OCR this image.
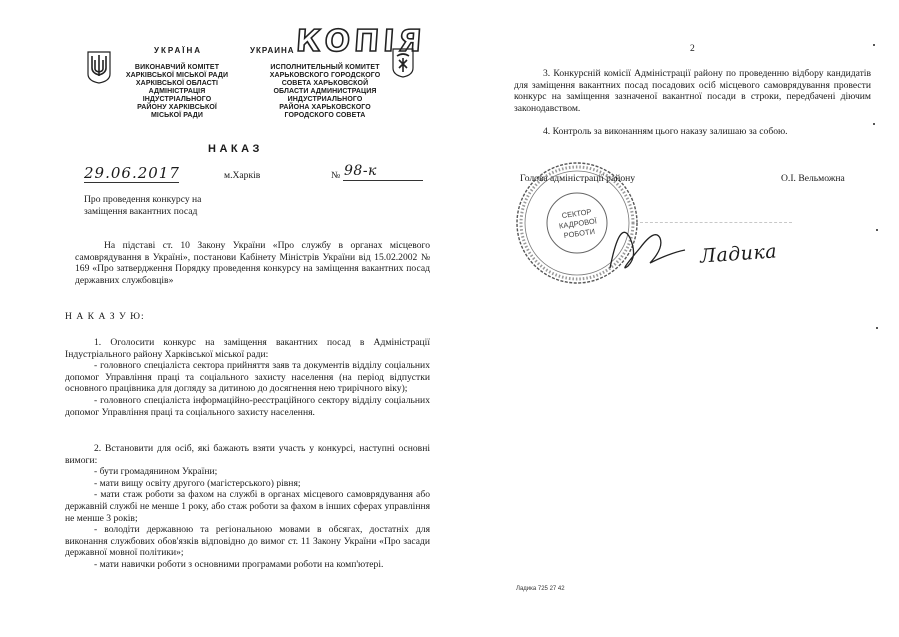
УКРАЇНА
ВИКОНАВЧИЙ КОМІТЕТ
ХАРКІВСЬКОЇ МІСЬКОЇ РАДИ
ХАРКІВСЬКОЇ ОБЛАСТІ
АДМІНІСТРАЦІЯ
ІНДУСТРІАЛЬНОГО
РАЙОНУ ХАРКІВСЬКОЇ
МІСЬКОЇ РАДИ
УКРАИНА
ИСПОЛНИТЕЛЬНЫЙ КОМИТЕТ
ХАРЬКОВСКОГО ГОРОДСКОГО
СОВЕТА ХАРЬКОВСКОЙ
ОБЛАСТИ АДМИНИСТРАЦИЯ
ИНДУСТРИАЛЬНОГО
РАЙОНА ХАРЬКОВСКОГО
ГОРОДСКОГО СОВЕТА
КОПІЯ
НАКАЗ
29.06.2017	м.Харків	№ 98-к
Про проведення конкурсу на
заміщення вакантних посад

На підставі ст. 10 Закону України «Про службу в органах місцевого самоврядування в Україні», постанови Кабінету Міністрів України від 15.02.2002 № 169 «Про затвердження Порядку проведення конкурсу на заміщення вакантних посад державних службовців»

Н А К А З У Ю:

1. Оголосити конкурс на заміщення вакантних посад в Адміністрації Індустріального району Харківської міської ради:

- головного спеціаліста сектора прийняття заяв та документів відділу соціальних допомог Управління праці та соціального захисту населення (на період відпустки основного працівника для догляду за дитиною до досягнення нею трирічного віку);

- головного спеціаліста інформаційно-реєстраційного сектору відділу соціальних допомог Управління праці та соціального захисту населення.

2. Встановити для осіб, які бажають взяти участь у конкурсі, наступні основні вимоги:

- бути громадянином України;

- мати вищу освіту другого (магістерського) рівня;

- мати стаж роботи за фахом на службі в органах місцевого самоврядування або державній службі не менше 1 року, або стаж роботи за фахом в інших сферах управління не менше 3 років;

- володіти державною та регіональною мовами в обсягах, достатніх для виконання службових обов'язків відповідно до вимог ст. 11 Закону України «Про засади державної мовної політики»;

- мати навички роботи з основними програмами роботи на комп'ютері.

2

3. Конкурсній комісії Адміністрації району по проведенню відбору кандидатів для заміщення вакантних посад посадових осіб місцевого самоврядування провести конкурс на заміщення зазначеної вакантної посади в строки, передбачені діючим законодавством.

4. Контроль за виконанням цього наказу залишаю за собою.

СЕКТОР
КАДРОВОЇ
РОБОТИ
Голова адміністрації району	О.І. Вельможна
Ладика
Ладика 725 27 42
